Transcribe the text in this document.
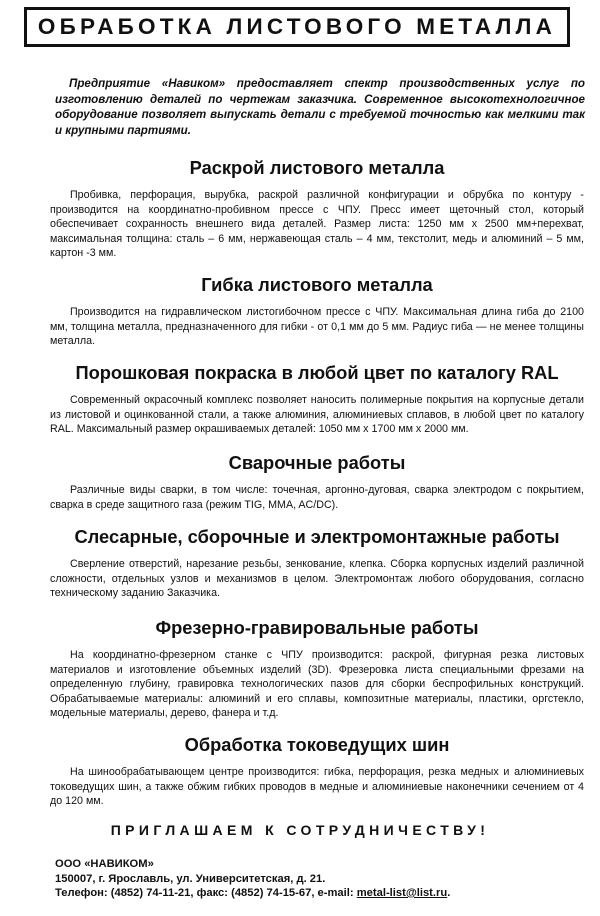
ОБРАБОТКА ЛИСТОВОГО МЕТАЛЛА
Предприятие «Навиком» предоставляет спектр производственных услуг по изготовлению деталей по чертежам заказчика. Современное высокотехнологичное оборудование позволяет выпускать детали с требуемой точностью как мелкими так и крупными партиями.
Раскрой листового металла

Пробивка, перфорация, вырубка, раскрой различной конфигурации и обрубка по контуру - производится на координатно-пробивном прессе с ЧПУ. Пресс имеет щеточный стол, который обеспечивает сохранность внешнего вида деталей. Размер листа: 1250 мм х 2500 мм+перехват, максимальная толщина: сталь – 6 мм, нержавеющая сталь – 4 мм, текстолит, медь и алюминий – 5 мм, картон -3 мм.

Гибка листового металла

Производится на гидравлическом листогибочном прессе с ЧПУ. Максимальная длина гиба до 2100 мм, толщина металла, предназначенного для гибки - от 0,1 мм до 5 мм. Радиус гиба — не менее толщины металла.

Порошковая покраска в любой цвет по каталогу RAL

Современный окрасочный комплекс позволяет наносить полимерные покрытия на корпусные детали из листовой и оцинкованной стали, а также алюминия, алюминиевых сплавов, в любой цвет по каталогу RAL. Максимальный размер окрашиваемых деталей: 1050 мм х 1700 мм х 2000 мм.

Сварочные работы

Различные виды сварки, в том числе: точечная, аргонно-дуговая, сварка электродом с покрытием, сварка в среде защитного газа (режим TIG, MMA, AC/DC).

Слесарные, сборочные и электромонтажные работы

Сверление отверстий, нарезание резьбы, зенкование, клепка. Сборка корпусных изделий различной сложности, отдельных узлов и механизмов в целом. Электромонтаж любого оборудования, согласно техническому заданию Заказчика.

Фрезерно-гравировальные работы

На координатно-фрезерном станке с ЧПУ производится: раскрой, фигурная резка листовых материалов и изготовление объемных изделий (3D). Фрезеровка листа специальными фрезами на определенную глубину, гравировка технологических пазов для сборки беспрофильных конструкций. Обрабатываемые материалы: алюминий и его сплавы, композитные материалы, пластики, оргстекло, модельные материалы, дерево, фанера и т.д.

Обработка токоведущих шин

На шинообрабатывающем центре производится: гибка, перфорация, резка медных и алюминиевых токоведущих шин, а также обжим гибких проводов в медные и алюминиевые наконечники сечением от 4 до 120 мм.

ПРИГЛАШАЕМ К СОТРУДНИЧЕСТВУ!
ООО «НАВИКОМ»
150007, г. Ярославль, ул. Университетская, д. 21.
Телефон: (4852) 74-11-21, факс: (4852) 74-15-67, e-mail: metal-list@list.ru.
